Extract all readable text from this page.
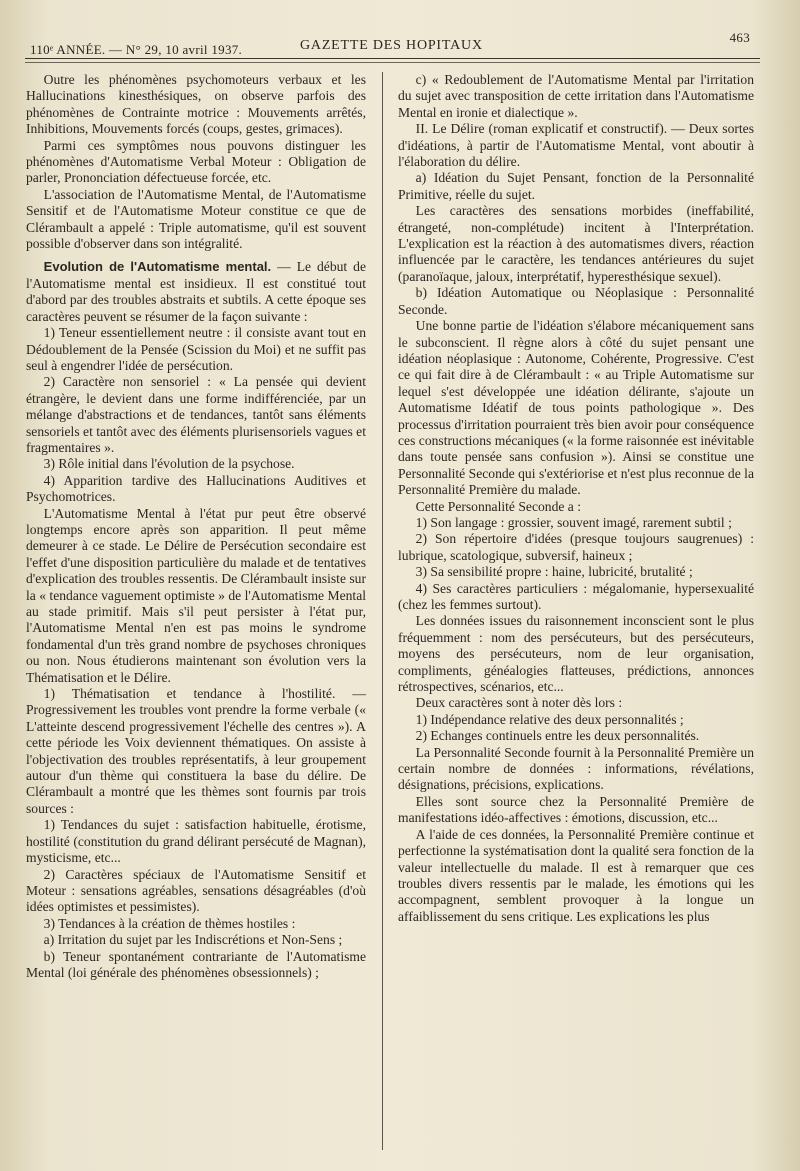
110ᵉ ANNÉE. — N° 29, 10 avril 1937.	GAZETTE DES HOPITAUX
463

Outre les phénomènes psychomoteurs verbaux et les Hallucinations kinesthésiques, on observe parfois des phénomènes de Contrainte motrice : Mouvements arrêtés, Inhibitions, Mouvements forcés (coups, gestes, grimaces).

Parmi ces symptômes nous pouvons distinguer les phénomènes d'Automatisme Verbal Moteur : Obligation de parler, Prononciation défectueuse forcée, etc.

L'association de l'Automatisme Mental, de l'Automatisme Sensitif et de l'Automatisme Moteur constitue ce que de Clérambault a appelé : Triple automatisme, qu'il est souvent possible d'observer dans son intégralité.

Evolution de l'Automatisme mental. — Le début de l'Automatisme mental est insidieux. Il est constitué tout d'abord par des troubles abstraits et subtils. A cette époque ses caractères peuvent se résumer de la façon suivante :

1) Teneur essentiellement neutre : il consiste avant tout en Dédoublement de la Pensée (Scission du Moi) et ne suffit pas seul à engendrer l'idée de persécution.

2) Caractère non sensoriel : « La pensée qui devient étrangère, le devient dans une forme indifférenciée, par un mélange d'abstractions et de tendances, tantôt sans éléments sensoriels et tantôt avec des éléments plurisensoriels vagues et fragmentaires ».

3) Rôle initial dans l'évolution de la psychose.

4) Apparition tardive des Hallucinations Auditives et Psychomotrices.

L'Automatisme Mental à l'état pur peut être observé longtemps encore après son apparition. Il peut même demeurer à ce stade. Le Délire de Persécution secondaire est l'effet d'une disposition particulière du malade et de tentatives d'explication des troubles ressentis. De Clérambault insiste sur la « tendance vaguement optimiste » de l'Automatisme Mental au stade primitif. Mais s'il peut persister à l'état pur, l'Automatisme Mental n'en est pas moins le syndrome fondamental d'un très grand nombre de psychoses chroniques ou non. Nous étudierons maintenant son évolution vers la Thématisation et le Délire.

1) Thématisation et tendance à l'hostilité. — Progressivement les troubles vont prendre la forme verbale (« L'atteinte descend progressivement l'échelle des centres »). A cette période les Voix deviennent thématiques. On assiste à l'objectivation des troubles représentatifs, à leur groupement autour d'un thème qui constituera la base du délire. De Clérambault a montré que les thèmes sont fournis par trois sources :

1) Tendances du sujet : satisfaction habituelle, érotisme, hostilité (constitution du grand délirant persécuté de Magnan), mysticisme, etc...

2) Caractères spéciaux de l'Automatisme Sensitif et Moteur : sensations agréables, sensations désagréables (d'où idées optimistes et pessimistes).

3) Tendances à la création de thèmes hostiles :

a) Irritation du sujet par les Indiscrétions et Non-Sens ;

b) Teneur spontanément contrariante de l'Automatisme Mental (loi générale des phénomènes obsessionnels) ;

c) « Redoublement de l'Automatisme Mental par l'irritation du sujet avec transposition de cette irritation dans l'Automatisme Mental en ironie et dialectique ».

II. Le Délire (roman explicatif et constructif). — Deux sortes d'idéations, à partir de l'Automatisme Mental, vont aboutir à l'élaboration du délire.

a) Idéation du Sujet Pensant, fonction de la Personnalité Primitive, réelle du sujet.

Les caractères des sensations morbides (ineffabilité, étrangeté, non-complétude) incitent à l'Interprétation. L'explication est la réaction à des automatismes divers, réaction influencée par le caractère, les tendances antérieures du sujet (paranoïaque, jaloux, interprétatif, hyperesthésique sexuel).

b) Idéation Automatique ou Néoplasique : Personnalité Seconde.

Une bonne partie de l'idéation s'élabore mécaniquement sans le subconscient. Il règne alors à côté du sujet pensant une idéation néoplasique : Autonome, Cohérente, Progressive. C'est ce qui fait dire à de Clérambault : « au Triple Automatisme sur lequel s'est développée une idéation délirante, s'ajoute un Automatisme Idéatif de tous points pathologique ». Des processus d'irritation pourraient très bien avoir pour conséquence ces constructions mécaniques (« la forme raisonnée est inévitable dans toute pensée sans confusion »). Ainsi se constitue une Personnalité Seconde qui s'extériorise et n'est plus reconnue de la Personnalité Première du malade.

Cette Personnalité Seconde a :

1) Son langage : grossier, souvent imagé, rarement subtil ;

2) Son répertoire d'idées (presque toujours saugrenues) : lubrique, scatologique, subversif, haineux ;

3) Sa sensibilité propre : haine, lubricité, brutalité ;

4) Ses caractères particuliers : mégalomanie, hypersexualité (chez les femmes surtout).

Les données issues du raisonnement inconscient sont le plus fréquemment : nom des persécuteurs, but des persécuteurs, moyens des persécuteurs, nom de leur organisation, compliments, généalogies flatteuses, prédictions, annonces rétrospectives, scénarios, etc...

Deux caractères sont à noter dès lors :

1) Indépendance relative des deux personnalités ;

2) Echanges continuels entre les deux personnalités.

La Personnalité Seconde fournit à la Personnalité Première un certain nombre de données : informations, révélations, désignations, précisions, explications.

Elles sont source chez la Personnalité Première de manifestations idéo-affectives : émotions, discussion, etc...

A l'aide de ces données, la Personnalité Première continue et perfectionne la systématisation dont la qualité sera fonction de la valeur intellectuelle du malade. Il est à remarquer que ces troubles divers ressentis par le malade, les émotions qui les accompagnent, semblent provoquer à la longue un affaiblissement du sens critique. Les explications les plus
